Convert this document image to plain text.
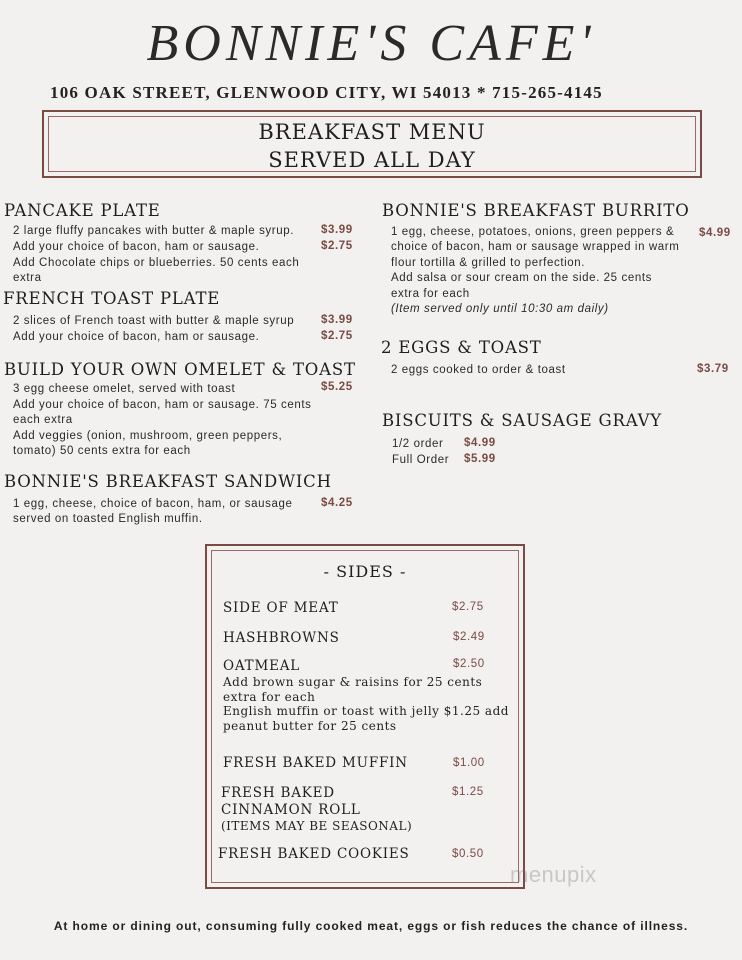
BONNIE'S CAFE'
106 OAK STREET, GLENWOOD CITY, WI 54013 * 715-265-4145
BREAKFAST MENU
SERVED ALL DAY
PANCAKE PLATE
2 large fluffy pancakes with butter & maple syrup. $3.99
Add your choice of bacon, ham or sausage.	$2.75
Add Chocolate chips or blueberries. 50 cents each
extra
FRENCH TOAST PLATE
2 slices of French toast with butter & maple syrup $3.99
Add your choice of bacon, ham or sausage.	$2.75
BUILD YOUR OWN OMELET & TOAST
3 egg cheese omelet, served with toast	$5.25
Add your choice of bacon, ham or sausage. 75 cents
each extra
Add veggies (onion, mushroom, green peppers,
tomato) 50 cents extra for each
BONNIE'S BREAKFAST SANDWICH
1 egg, cheese, choice of bacon, ham, or sausage $4.25
served on toasted English muffin.
BONNIE'S BREAKFAST BURRITO
1 egg, cheese, potatoes, onions, green peppers & $4.99
choice of bacon, ham or sausage wrapped in warm
flour tortilla & grilled to perfection.
Add salsa or sour cream on the side. 25 cents
extra for each
(Item served only until 10:30 am daily)
2 EGGS & TOAST
2 eggs cooked to order & toast	$3.79
BISCUITS & SAUSAGE GRAVY
1/2 order $4.99
Full Order $5.99
- SIDES -
SIDE OF MEAT	$2.75
HASHBROWNS	$2.49
OATMEAL	$2.50
Add brown sugar & raisins for 25 cents
extra for each
English muffin or toast with jelly $1.25 add
peanut butter for 25 cents
FRESH BAKED MUFFIN	$1.00
FRESH BAKED
CINNAMON ROLL
(ITEMS MAY BE SEASONAL)
$1.25
FRESH BAKED COOKIES	$0.50
menupix
At home or dining out, consuming fully cooked meat, eggs or fish reduces the chance of illness.
